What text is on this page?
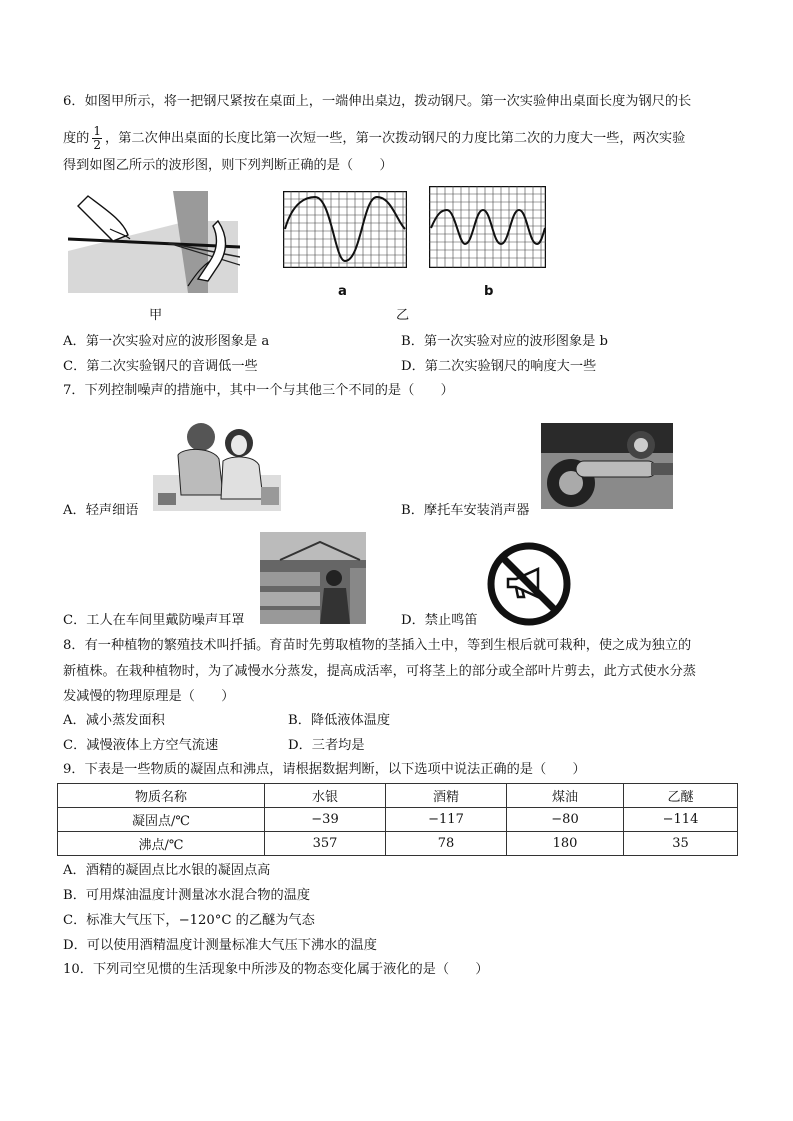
6．如图甲所示，将一把钢尺紧按在桌面上，一端伸出桌边，拨动钢尺。第一次实验伸出桌面长度为钢尺的长
度的 $\frac{1}{2}$ ，第二次伸出桌面的长度比第一次短一些，第一次拨动钢尺的力度比第二次的力度大一些，两次实验
得到如图乙所示的波形图，则下列判断正确的是（　　）
甲
a	b
乙
A．第一次实验对应的波形图象是 a	B．第一次实验对应的波形图象是 b
C．第二次实验钢尺的音调低一些	D．第二次实验钢尺的响度大一些
7．下列控制噪声的措施中，其中一个与其他三个不同的是（　　）
A．轻声细语	B．摩托车安装消声器
C．工人在车间里戴防噪声耳罩	D．禁止鸣笛
8．有一种植物的繁殖技术叫扦插。育苗时先剪取植物的茎插入土中，等到生根后就可栽种，使之成为独立的
新植株。在栽种植物时，为了减慢水分蒸发，提高成活率，可将茎上的部分或全部叶片剪去，此方式使水分蒸
发减慢的物理原理是（　　）
A．减小蒸发面积	B．降低液体温度
C．减慢液体上方空气流速	D．三者均是
9．下表是一些物质的凝固点和沸点，请根据数据判断，以下选项中说法正确的是（　　）
物质名称	水银	酒精	煤油	乙醚
凝固点/℃	−39	−117	−80	−114
沸点/℃	357	78	180	35
A．酒精的凝固点比水银的凝固点高
B．可用煤油温度计测量冰水混合物的温度
C．标准大气压下，−120°C 的乙醚为气态
D．可以使用酒精温度计测量标准大气压下沸水的温度
10．下列司空见惯的生活现象中所涉及的物态变化属于液化的是（　　）
